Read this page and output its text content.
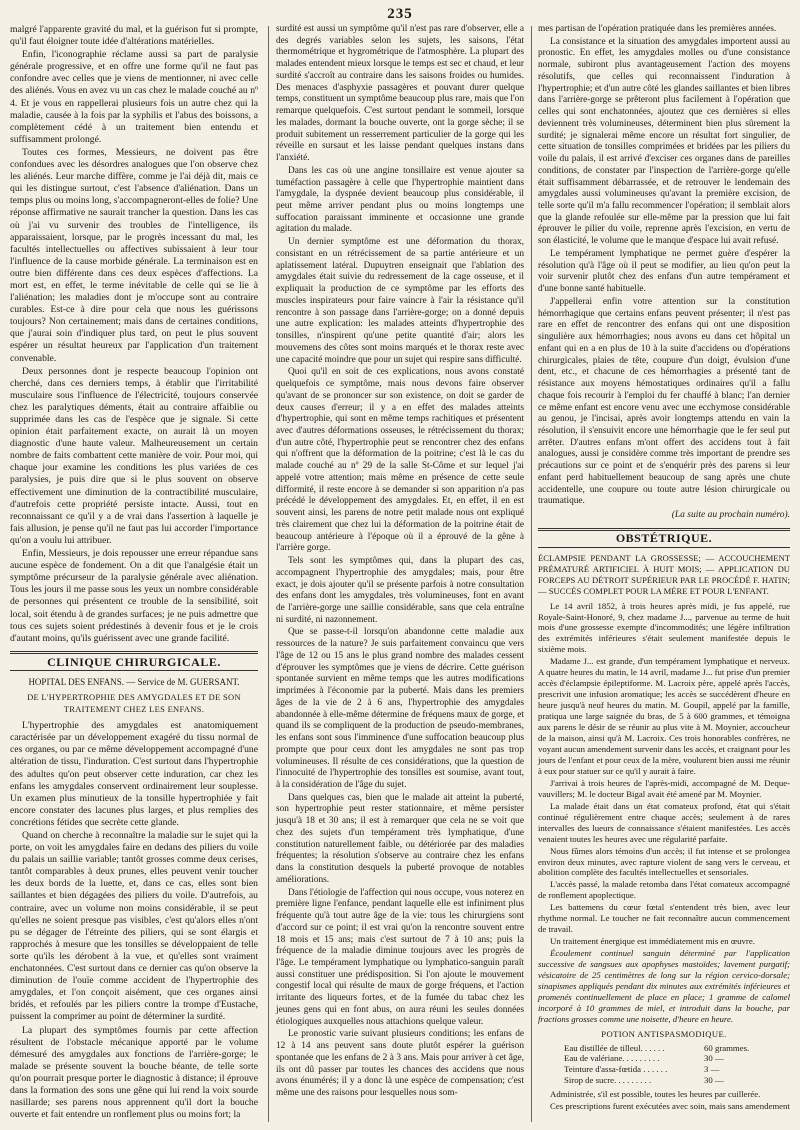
235

malgré l'apparente gravité du mal, et la guérison fut si prompte, qu'il faut éloigner toute idée d'altérations matérielles.

Enfin, l'iconographie réclame aussi sa part de paralysie générale progressive, et en offre une forme qu'il ne faut pas confondre avec celles que je viens de mentionner, ni avec celle des aliénés. Vous en avez vu un cas chez le malade couché au nº 4. Et je vous en rappellerai plusieurs fois un autre chez qui la maladie, causée à la fois par la syphilis et l'abus des boissons, a complètement cédé à un traitement bien entendu et suffisamment prolongé.

Toutes ces formes, Messieurs, ne doivent pas être confondues avec les désordres analogues que l'on observe chez les aliénés. Leur marche diffère, comme je l'ai déjà dit, mais ce qui les distingue surtout, c'est l'absence d'aliénation. Dans un temps plus ou moins long, s'accompagneront-elles de folie? Une réponse affirmative ne saurait trancher la question. Dans les cas où j'ai vu survenir des troubles de l'intelligence, ils apparaissaient, lorsque, par le progrès incessant du mal, les facultés intellectuelles ou affectives subissaient à leur tour l'influence de la cause morbide générale. La terminaison est en outre bien différente dans ces deux espèces d'affections. La mort est, en effet, le terme inévitable de celle qui se lie à l'aliénation; les maladies dont je m'occupe sont au contraire curables. Est-ce à dire pour cela que nous les guérissons toujours? Non certainement; mais dans de certaines conditions, que j'aurai soin d'indiquer plus tard, on peut le plus souvent espérer un résultat heureux par l'application d'un traitement convenable.

Deux personnes dont je respecte beaucoup l'opinion ont cherché, dans ces derniers temps, à établir que l'irritabilité musculaire sous l'influence de l'électricité, toujours conservée chez les paralytiques déments, était au contraire affaiblie ou supprimée dans les cas de l'espèce que je signale. Si cette opinion était parfaitement exacte, on aurait là un moyen diagnostic d'une haute valeur. Malheureusement un certain nombre de faits combattent cette manière de voir. Pour moi, qui chaque jour examine les conditions les plus variées de ces paralysies, je puis dire que si le plus souvent on observe effectivement une diminution de la contractibilité musculaire, d'autrefois cette propriété persiste intacte. Aussi, tout en reconnaissant ce qu'il y a de vrai dans l'assertion à laquelle je fais allusion, je pense qu'il ne faut pas lui accorder l'importance qu'on a voulu lui attribuer.

Enfin, Messieurs, je dois repousser une erreur répandue sans aucune espèce de fondement. On a dit que l'analgésie était un symptôme précurseur de la paralysie générale avec aliénation. Tous les jours il me passe sous les yeux un nombre considérable de personnes qui présentent ce trouble de la sensibilité, soit local, soit étendu à de grandes surfaces; je ne puis admettre que tous ces sujets soient prédestinés à devenir fous et je le crois d'autant moins, qu'ils guérissent avec une grande facilité.

CLINIQUE CHIRURGICALE.
HOPITAL DES ENFANS. — Service de M. GUERSANT.
DE L'HYPERTROPHIE DES AMYGDALES ET DE SON TRAITEMENT CHEZ LES ENFANS.

L'hypertrophie des amygdales est anatomiquement caractérisée par un développement exagéré du tissu normal de ces organes, ou par ce même développement accompagné d'une altération de tissu, l'induration. C'est surtout dans l'hypertrophie des adultes qu'on peut observer cette induration, car chez les enfans les amygdales conservent ordinairement leur souplesse. Un examen plus minutieux de la tonsille hypertrophiée y fait encore constater des lacunes plus larges, et plus remplies des concrétions fétides que secrète cette glande.

Quand on cherche à reconnaître la maladie sur le sujet qui la porte, on voit les amygdales faire en dedans des piliers du voile du palais un saillie variable; tantôt grosses comme deux cerises, tantôt comparables à deux prunes, elles peuvent venir toucher les deux bords de la luette, et, dans ce cas, elles sont bien saillantes et bien dégagées des piliers du voile. D'autrefois, au contraire, avec un volume non moins considérable, il se peut qu'elles ne soient presque pas visibles, c'est qu'alors elles n'ont pu se dégager de l'étreinte des piliers, qui se sont élargis et rapprochés à mesure que les tonsilles se développaient de telle sorte qu'ils les dérobent à la vue, et qu'elles sont vraiment enchatonnées. C'est surtout dans ce dernier cas qu'on observe la diminution de l'ouïe comme accident de l'hypertrophie des amygdales, et l'on conçoit aisément, que ces organes ainsi bridés, et refoulés par les piliers contre la trompe d'Eustache, puissent la comprimer au point de déterminer la surdité.

La plupart des symptômes fournis par cette affection résultent de l'obstacle mécanique apporté par le volume démesuré des amygdales aux fonctions de l'arrière-gorge; le malade se présente souvent la bouche béante, de telle sorte qu'on pourrait presque porter le diagnostic à distance; il éprouve dans la formation des sons une gêne qui lui rend la voix sourde nasillarde; ses parens nous apprennent qu'il dort la bouche ouverte et fait entendre un ronflement plus ou moins fort; la

surdité est aussi un symptôme qu'il n'est pas rare d'observer, elle a des degrés variables selon les sujets, les saisons, l'état thermométrique et hygrométrique de l'atmosphère. La plupart des malades entendent mieux lorsque le temps est sec et chaud, et leur surdité s'accroît au contraire dans les saisons froides ou humides. Des menaces d'asphyxie passagères et pouvant durer quelque temps, constituent un symptôme beaucoup plus rare, mais que l'on remarque quelquefois. C'est surtout pendant le sommeil, lorsque les malades, dormant la bouche ouverte, ont la gorge sèche; il se produit subitement un resserrement particulier de la gorge qui les réveille en sursaut et les laisse pendant quelques instans dans l'anxiété.

Dans les cas où une angine tonsillaire est venue ajouter sa tuméfaction passagère à celle que l'hypertrophie maintient dans l'amygdale, la dyspnée devient beaucoup plus considérable, il peut même arriver pendant plus ou moins longtemps une suffocation paraissant imminente et occasionne une grande agitation du malade.

Un dernier symptôme est une déformation du thorax, consistant en un rétrécissement de sa partie antérieure et un aplatissement latéral. Dupuytren enseignait que l'ablation des amygdales était suivie du redressement de la cage osseuse, et il expliquait la production de ce symptôme par les efforts des muscles inspirateurs pour faire vaincre à l'air la résistance qu'il rencontre à son passage dans l'arrière-gorge; on a donné depuis une autre explication: les malades atteints d'hypertrophie des tonsilles, n'inspirent qu'une petite quantité d'air; alors les mouvemens des côtes sont moins marqués et le thorax reste avec une capacité moindre que pour un sujet qui respire sans difficulté.

Quoi qu'il en soit de ces explications, nous avons constaté quelquefois ce symptôme, mais nous devons faire observer qu'avant de se prononcer sur son existence, on doit se garder de deux causes d'erreur; il y a en effet des malades atteints d'hypertrophie, qui sont en même temps rachitiques et présentent avec d'autres déformations osseuses, le rétrécissement du thorax; d'un autre côté, l'hypertrophie peut se rencontrer chez des enfans qui n'offrent que la déformation de la poitrine; c'est là le cas du malade couché au nº 29 de la salle St-Côme et sur lequel j'ai appelé votre attention; mais même en présence de cette seule difformité, il reste encore à se demander si son apparition n'a pas précédé le développement des amygdales. Et, en effet, il en est souvent ainsi, les parens de notre petit malade nous ont expliqué très clairement que chez lui la déformation de la poitrine était de beaucoup antérieure à l'époque où il a éprouvé de la gêne à l'arrière gorge.

Tels sont les symptômes qui, dans la plupart des cas, accompagnent l'hypertrophie des amygdales; mais, pour être exact, je dois ajouter qu'il se présente parfois à notre consultation des enfans dont les amygdales, très volumineuses, font en avant de l'arrière-gorge une saillie considérable, sans que cela entraîne ni surdité, ni nazonnement.

Que se passe-t-il lorsqu'on abandonne cette maladie aux ressources de la nature? Je suis parfaitement convaincu que vers l'âge de 12 ou 15 ans le plus grand nombre des malades cessent d'éprouver les symptômes que je viens de décrire. Cette guérison spontanée survient en même temps que les autres modifications imprimées à l'économie par la puberté. Mais dans les premiers âges de la vie de 2 à 6 ans, l'hypertrophie des amygdales abandonnée à elle-même détermine de fréquens maux de gorge, et quand ils se compliquent de la production de pseudo-membranes, les enfans sont sous l'imminence d'une suffocation beaucoup plus prompte que pour ceux dont les amygdales ne sont pas trop volumineuses. Il résulte de ces considérations, que la question de l'innocuité de l'hypertrophie des tonsilles est soumise, avant tout, à la considération de l'âge du sujet.

Dans quelques cas, bien que le malade ait atteint la puberté, son hypertrophie peut rester stationnaire, et même persister jusqu'à 18 et 30 ans; il est à remarquer que cela ne se voit que chez des sujets d'un tempérament très lymphatique, d'une constitution naturellement faible, ou détériorée par des maladies fréquentes; la résolution s'observe au contraire chez les enfans dans la constitution desquels la puberté provoque de notables améliorations.

Dans l'étiologie de l'affection qui nous occupe, vous noterez en première ligne l'enfance, pendant laquelle elle est infiniment plus fréquente qu'à tout autre âge de la vie: tous les chirurgiens sont d'accord sur ce point; il est vrai qu'on la rencontre souvent entre 18 mois et 15 ans; mais c'est surtout de 7 à 10 ans; puis la fréquence de la maladie diminue toujours avec les progrès de l'âge. Le tempérament lymphatique ou lymphatico-sanguin paraît aussi constituer une prédisposition. Si l'on ajoute le mouvement congestif local qui résulte de maux de gorge fréquens, et l'action irritante des liqueurs fortes, et de la fumée du tabac chez les jeunes gens qui en font abus, on aura réuni les seules données étiologiques auxquelles nous attachions quelque valeur.

Le pronostic varie suivant plusieurs conditions; les enfans de 12 à 14 ans peuvent sans doute plutôt espérer la guérison spontanée que les enfans de 2 à 3 ans. Mais pour arriver à cet âge, ils ont dû passer par toutes les chances des accidens que nous avons énumérés; il y a donc là une espèce de compensation; c'est même une des raisons pour lesquelles nous som-

mes partisan de l'opération pratiquée dans les premières années.

La consistance et la situation des amygdales importent aussi au pronostic. En effet, les amygdales molles ou d'une consistance normale, subiront plus avantageusement l'action des moyens résolutifs, que celles qui reconnaissent l'induration à l'hypertrophie; et d'un autre côté les glandes saillantes et bien libres dans l'arrière-gorge se prêteront plus facilement à l'opération que celles qui sont enchatonnées, ajoutez que ces dernières si elles deviennent très volumineuses, déterminent bien plus sûrement la surdité; je signalerai même encore un résultat fort singulier, de cette situation de tonsilles comprimées et bridées par les piliers du voile du palais, il est arrivé d'exciser ces organes dans de pareilles conditions, de constater par l'inspection de l'arrière-gorge qu'elle était suffisamment débarrassée, et de retrouver le lendemain des amygdales aussi volumineuses qu'avant la première excision, de telle sorte qu'il m'a fallu recommencer l'opération; il semblait alors que la glande refoulée sur elle-même par la pression que lui fait éprouver le pilier du voile, reprenne après l'excision, en vertu de son élasticité, le volume que le manque d'espace lui avait refusé.

Le tempérament lymphatique ne permet guère d'espérer la résolution qu'à l'âge où il peut se modifier, au lieu qu'on peut la voir survenir plutôt chez des enfans d'un autre tempérament et d'une bonne santé habituelle.

J'appellerai enfin votre attention sur la constitution hémorrhagique que certains enfans peuvent présenter; il n'est pas rare en effet de rencontrer des enfans qui ont une disposition singulière aux hémorrhagies; nous avons eu dans cet hôpital un enfant qui en a en plus de 10 à la suite d'accidens ou d'opérations chirurgicales, plaies de tête, coupure d'un doigt, évulsion d'une dent, etc., et chacune de ces hémorrhagies a présenté tant de résistance aux moyens hémostatiques ordinaires qu'il a fallu chaque fois recourir à l'emploi du fer chauffé à blanc; l'an dernier ce même enfant est encore venu avec une ecchymose considérable au genou, je l'incisai, après avoir longtemps attendu en vain la résolution, il s'ensuivit encore une hémorrhagie que le fer seul put arrêter. D'autres enfans m'ont offert des accidens tout à fait analogues, aussi je considère comme très important de prendre ses précautions sur ce point et de s'enquérir près des parens si leur enfant perd habituellement beaucoup de sang après une chute accidentelle, une coupure ou toute autre lésion chirurgicale ou traumatique.

(La suite au prochain numéro).
OBSTÉTRIQUE.
ÉCLAMPSIE PENDANT LA GROSSESSE; — ACCOUCHEMENT PRÉMATURÉ ARTIFICIEL À HUIT MOIS; — APPLICATION DU FORCEPS AU DÉTROIT SUPÉRIEUR PAR LE PROCÉDÉ F. HATIN; — SUCCÈS COMPLET POUR LA MÈRE ET POUR L'ENFANT.

Le 14 avril 1852, à trois heures après midi, je fus appelé, rue Royale-Saint-Honoré, 9, chez madame J..., parvenue au terme de huit mois d'une grossesse exempte d'incommodités; une légère infiltration des extrémités inférieures s'était seulement manifestée depuis le sixième mois.

Madame J... est grande, d'un tempérament lymphatique et nerveux. A quatre heures du matin, le 14 avril, madame J... fut prise d'un premier accès d'éclampsie épileptiforme. M. Lacroix père, appelé après l'accès, prescrivit une infusion aromatique; les accès se succédèrent d'heure en heure jusqu'à neuf heures du matin. M. Goupil, appelé par la famille, pratiqua une large saignée du bras, de 5 à 600 grammes, et témoigna aux parens le désir de se réunir au plus vite à M. Moynier, accoucheur de la maison, ainsi qu'à M. Lacroix. Ces trois honorables confrères, ne voyant aucun amendement survenir dans les accès, et craignant pour les jours de l'enfant et pour ceux de la mère, voulurent bien aussi me réunir à eux pour statuer sur ce qu'il y aurait à faire.

J'arrivai à trois heures de l'après-midi, accompagné de M. Deque-vauvillers; M. le docteur Bigal avait été amené par M. Moynier.

La malade était dans un état comateux profond, état qui s'était continué régulièrement entre chaque accès; seulement à de rares intervalles des lueurs de connaissance s'étaient manifestées. Les accès venaient toutes les heures avec une régularité parfaite.

Nous fûmes alors témoins d'un accès; il fut intense et se prolongea environ deux minutes, avec rapture violent de sang vers le cerveau, et abolition complète des facultés intellectuelles et sensoriales.

L'accès passé, la malade retomba dans l'état comateux accompagné de ronflement apoplectique.

Les battemens du cœur fœtal s'entendent très bien, avec leur rhythme normal. Le toucher ne fait reconnaître aucun commencement de travail.

Un traitement énergique est immédiatement mis en œuvre.

Écoulement continuel sanguin déterminé par l'application successive de sangsues aux apophyses mastoïdes; lavement purgatif; vésicatoire de 25 centimètres de long sur la région cervico-dorsale; sinapismes appliqués pendant dix minutes aux extrémités inférieures et promenés continuellement de place en place; 1 gramme de calomel incorporé à 10 grammes de miel, et introduit dans la bouche, par fractions grosses comme une noisette, d'heure en heure.

POTION ANTISPASMODIQUE.
Eau distillée de tilleul. . . . . .	60 grammes.
Eau de valériane. . . . . . . . .	30 —
Teinture d'assa-fœtida . . . . . .	3 —
Sirop de sucre. . . . . . . . .	30 —

Administrée, s'il est possible, toutes les heures par cuillerée.

Ces prescriptions furent exécutées avec soin, mais sans amendement
